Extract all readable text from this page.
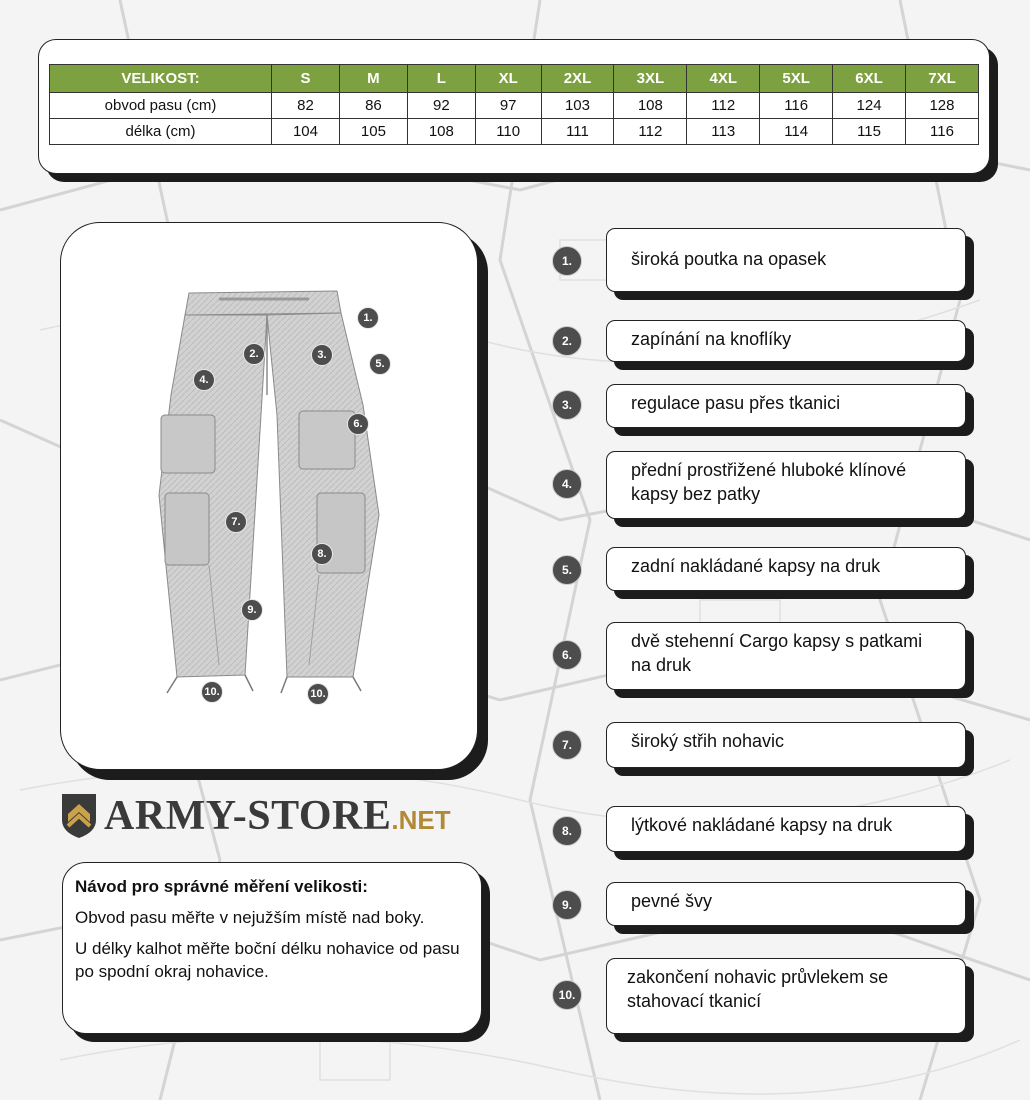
VELIKOST:	S	M	L	XL	2XL	3XL	4XL	5XL	6XL	7XL
obvod pasu (cm)	82	86	92	97	103	108	112	116	124	128
délka (cm)	104	105	108	110	111	112	113	114	115	116
1.
2.	3.
4.
5.
6.
7.
8.
9.
10.	10.
ARMY-STORE.NET
Návod pro správné měření velikosti:

Obvod pasu měřte v nejužším místě nad boky.

U délky kalhot měřte boční délku nohavice od pasu po spodní okraj nohavice.

1.	široká poutka na opasek
2.	zapínání na knoflíky
3.	regulace pasu přes tkanici
4.
přední prostřižené hluboké klínové kapsy bez patky
5.	zadní nakládané kapsy na druk
6.
dvě stehenní Cargo kapsy s patkami na druk
7.	široký střih nohavic
8.	lýtkové nakládané kapsy na druk
9.	pevné švy
10.
zakončení nohavic průvlekem se stahovací tkanicí
